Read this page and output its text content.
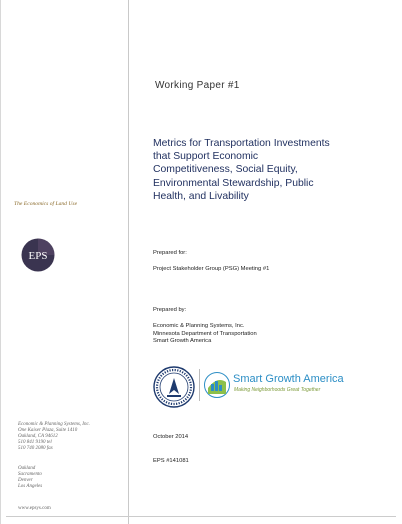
The Economics of Land Use
EPS
Economic & Planning Systems, Inc.
One Kaiser Plaza, Suite 1410
Oakland, CA 94612
510 841 9190 tel
510 740 2080 fax
Oakland
Sacramento
Denver
Los Angeles
www.epsys.com
Working Paper #1
Metrics for Transportation Investments
that Support Economic
Competitiveness, Social Equity,
Environmental Stewardship, Public
Health, and Livability
Prepared for:
Project Stakeholder Group (PSG) Meeting #1
Prepared by:
Economic & Planning Systems, Inc.
Minnesota Department of Transportation
Smart Growth America
Smart Growth America
Making Neighborhoods Great Together
October 2014
EPS #141081
